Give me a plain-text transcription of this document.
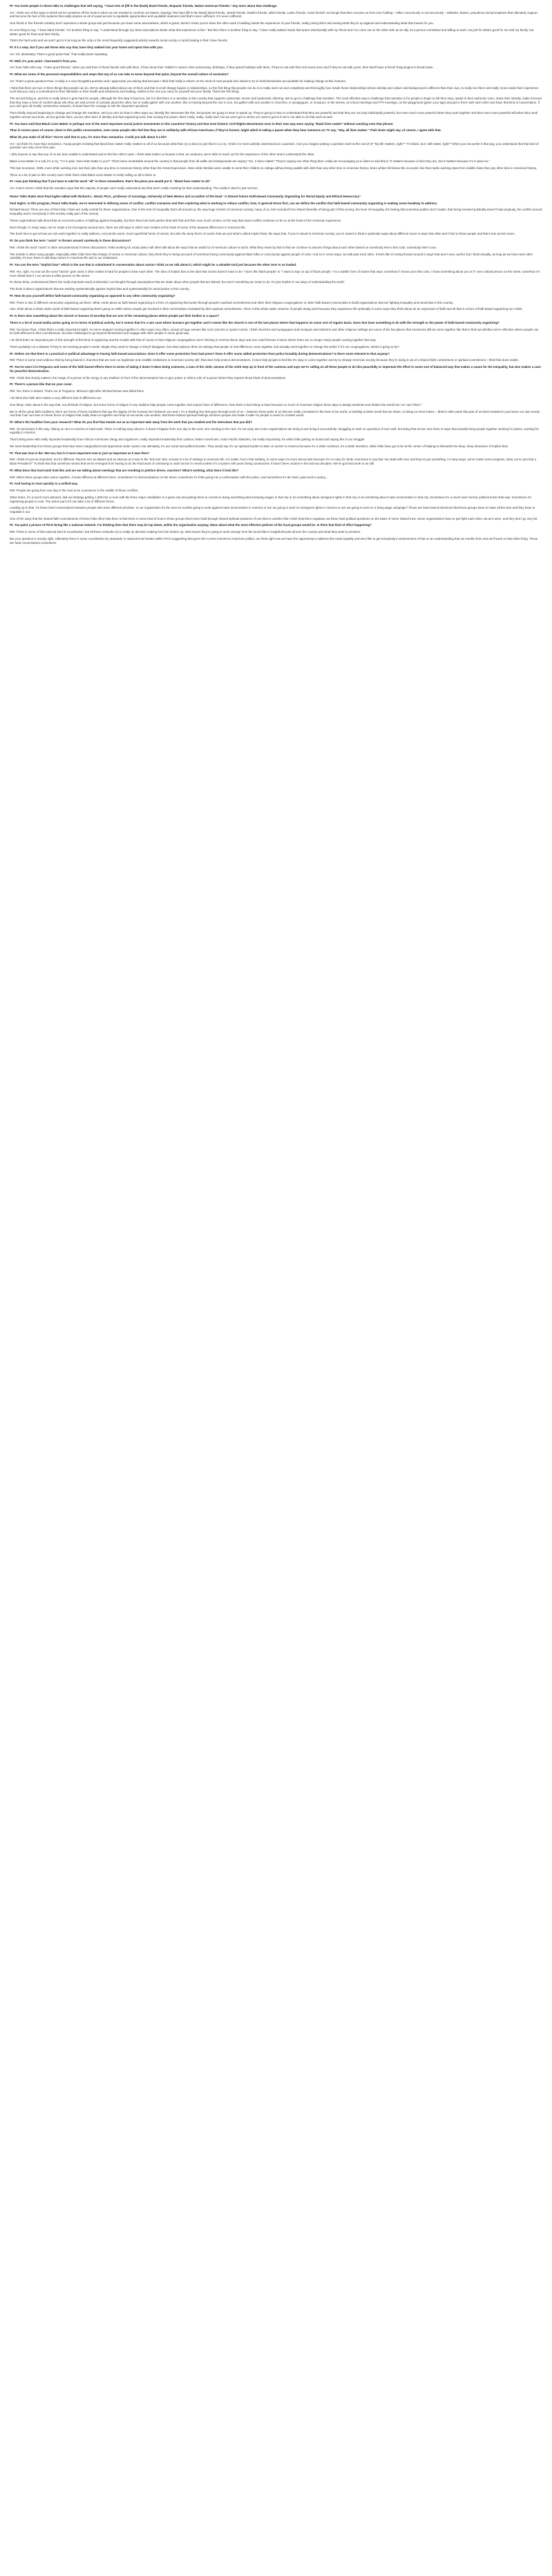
PI: You invite people in those talks to challenges that will saying, “I have lots of (fill in the blank) black friends, Hispanic friends, Native American friends.” Say more about that challenge.

AH: I think one of the ways in which we let ourselves off the hook is when we are needed to confront our biases; (saying) “We have [fill in the blank] black friends, Jewish friends, Muslim friends, white friends, Latino friends, Asian friends” as though that then excuses us from ever holding – either consciously or unconsciously – attitudes, biases, prejudices and perceptions that ultimately support and become the fuel of the systems that really deprive us all of equal access to equitable opportunities and equitable treatment and that’s never sufficient. It’s never sufficient.

One friend or five friends certainly don’t represent a whole group and just because you have some associations, which is great, doesn’t mean you’ve done the other work of walking inside the experience of your friends, really joining them and seeing what they’re up against and understanding what that means for you.

It’s one thing to say, “I have black friends.” It’s another thing to say, “I understand through my close associations better what that experience is like.” But then there is another thing to say, “I have really walked inside that space intentionally with my friend and I’ve come out on the other side as an ally, as a person committed and willing to work, not just for what’s good for me and my family, but what’s good for them and their family.

That’s the hard work and we won’t get to it as long as the only or the most frequently suggested activity towards racial comity or racial healing is that I have friends.

PI: It’s a step, but if you ask those who say that, have they walked into your home and spent time with you.

AH: Oh, absolutely! That’s a good point Paul. That really bears repeating.

PI: Well, it’s your point. I borrowed it from you.

AH: Even folks who say, “I have good friends,” when you ask them if those friends visit with them, if they know their children’s names, their anniversary, birthdays, if they spend holidays with them, if they’ve sat with their sick loved ones and if they’ve sat with yours, then that’ll have a friend” thing begins to break down.

PI: What are some of the personal responsibilities and steps that any of us can take to move beyond that point, beyond the overall culture of exclusion?

AH: That’s a great question Paul. It really is a very thoughtful question and I appreciate you asking that because I think that really is what’s on the mind of most people who intend to try to hold themselves accountable for making change at this moment.

I think that there are two or three things that people can do. We’ve already talked about one of them and that is at all change begins in relationships, so the first thing that people can do is to really seek out and completely and thoroughly love inside those relationships whose identity and culture and background is different than their own, to really see them and really move inside their experience such that you carry a commitment to their liberation or their health and wholeness and healing, similar to the one you carry for yourself and your family. That’s the first thing.

The second thing is, and this is really where it gets hard for people, although the first step is hard too, but it is that there is a narrative in this country that supports systematic racism and systematic othering. We’ve got to challenge that narrative. The most effective way to challenge that narrative is for people to begin to tell their story, speak in their authentic voice, share their identity, make it known that they have a level of comfort about who they are and a level of curiosity about the other, but to really gather with one another, this is moving beyond the one to one, but gather with one another in churches, in synagogues, in mosques, in the streets, at school meetings and PTA meetings, on the playground (given your age) and get in there with each other and have that kind of conversation. If you can’t give all mostly constructive answers, at least have the courage to ask the important questions.

Then thirdly, beyond beginning to change and change the narrative, and you can’t do that in other ways too, literally like interviews like this, but people are going to have to speak up. They’re going to have to understand that they are powerful and that they are not only individually powerful, but even much more powerful when they work together and then even more powerful still when they work together across race lines, across gender lines, across other lines of identity and that organizing work, that coming into power, that’s really, really, really hard, but we won’t get to where we need to get to if we’re not able to do that work as well.

PI: You have said that Black Lives Matter is perhaps one of the most important social justice movements in this countries’ history and that even historic Civil Rights Movements even in their own way were saying “black lives matter” without catching onto that phrase.

Then in recent years of course, there is this public conversation, even some people who feel that they are in solidarity with African Americans, if they’re honest, might admit to taking a pause when they hear someone on TV say, “Hey, all lives matter.” Their brain might say, of course, I agree with that.

What do you make of all this? You’ve said that to you, it’s more than semantics. Could you talk about it a bit?

AH: I do think it’s more than semantics. Young people insisting that black lives matter really matters to all of us because what that cry is about is just that it is a cry. I think it is most usefully understood as a question. Can you imagine putting a question mark at the end of it? “My life matters, right?” “I’m black, but I still matter, right?” When you encounter it that way, you understand that that kind of question can only come from pain.

I defy anyone to say that any of us are born unable to understand and to feel the other’s pain. I think what makes us human is that, as creatures, we’re able to reach out for the experience of the other and to understand the other.

Black Lives Matter is a call, it’s a cry; “I’m in pain. Does that matter to you?” That’s been remarkable around the country is that people from all walks and backgrounds are saying “Yes, it does matter!” They’re saying one other thing that I really am encouraging us to listen to and that is “it matters because of who they are, but it matters because I’m in pain too.”

This last recession, 2008, more white working men lost their jobs than any time in American history other than the Great Depression. More white families were unable to send their children to college without being saddle with debt than any other time in American history. More whites fell below the economic line that marks working class from middle class than any other time in American history.

There is a lot of pain in this country and I think that’s what Black Lives Matter is really calling us all to listen to.

PI: I was just thinking that if you have to add the word “all” in there somewhere, that’s the piece you would put it; “Black lives matter to all.”

AH: Amen! Amen! I think that the narrative says that the majority of people can’t really understand and that aren’t really reaching for that understanding. The reality is that it’s just not true.

Peace Talks Radio Host Paul Ingles talked with Richard L. Wood, Ph.D., professor of sociology, University of New Mexico and co-author of the book “A Shared Future Faith-based Community Organizing for Racial Equity and Ethical Democracy”

Paul Ingles: In this program, Peace Talks Radio, we’re interested in defining zones of conflict, conflict scenarios and then exploring what is working to reduce conflict, how, in general terms first, can we define the conflict that faith-based community organizing is making some headway to address.

Richard Wood: There are two of them that I think are really central for these organizations. One is the level of inequality that’s all around us; the way huge chunks of American society, many of us, feel excluded from shared benefits of being part of this society, the level of inequality, the feeling that somehow politics don’t matter, that being involved politically doesn’t help anybody, the conflict around inequality and is everybody in this society really part of the society.

These organizations talk about that as economic justice or fighting against inequality, but then they look both parties deal with that and then very much centers on the way that racial conflict continues to be so at the heart of the American experience.

Even though, in many ways, we’ve made a lot of progress around race, there are still ways in which race resides at the heart of some of the deepest differences in American life.

The book tries to get at how we can work together to really address, not just the worst, most superficial forms of racism, but also the deep forms of racism that are just what’s called implicit bias; the ways that, if you’re raised in American society, you’re raised to think in particular ways about different races in ways that often aren’t fair to those people and that’s true across races.

PI: Do you think the term “racist” is thrown around carelessly in these discussions?

RW: I think the word “racist” is often misunderstood in these discussions. Folks working for racial justice will often talk about the ways that an awful lot of American culture is racist. What they mean by that is that we continue to assume things about each other based on somebody else’s skin color, somebody else’s race.

The trouble is when many people, especially white folks hear that charge of racism in American culture, they think they’re being accused of somehow being consciously against black folks or consciously against people of color. And so in some ways, we talk past each other. It feels like it’s being thrown around in ways that aren’t very careful, but I think actually, as long as we hear each other carefully, it’s true; there is still deep racism in American life and in our institutions.

PI: You use the term “implicit bias” which is the one that is substituted in conversation about racism I think as we talk about it, which might be a valuable tool just because the other term is so loaded.

RW: Yes, right. As soon as the word “racism” gets used, it often makes it hard for people to hear each other. The idea of implicit bias is the idea that racism doesn’t have to be “I don’t like black people” or “I want to stay on top of black people.” It’s a subtler form of racism that says; somehow if I know your skin color, I know something about you or if I see a black person on the street, somehow I’m more afraid than if I run across a white person on the street.

It’s these deep, unintentional (that’s the really important word) unintended, not thought through assumptions that we make about other people that are biased, but aren’t something we mean to do. It’s just implicit in our ways of understanding the world.

The book is about organizations that are working systematically against implicit bias and systematically for racial justice in this country.

PI: How do you yourself define faith-based community organizing as opposed to any other community organizing?

RW: There is lots of different community organizing out there. What I write about as faith-based organizing is a form of organizing that works through people’s spiritual commitments and often their religious congregations or other faith-based communities to build organizations that are fighting inequality and racial bias in this country.

Also, think about a whole wider world of faith-based organizing that’s going on within where people get involved in their communities motivated by their spiritual commitments. There is this whole wider universe of people doing work because they experience life spiritually in some ways they think about as an expression of faith and all that is a form of faith-based organizing too I think.

PI: Is there also something about the church or houses of worship that are one of the remaining places where people put their bodies in a space?

There is a lot of social media action going on in terms of political activity, but it seems that it’s a rare case where humans get together and it seems like the church is one of the last places where that happens on some sort of regular basis. Does that have something to do with the strength or the power of faith-based community organizing?

RW: You know Paul, I think that’s a really important insight. As we’ve stopped coming together in other ways very often, except at huge venues like rock concerts or sports events, I think churches and synagogues and mosques and ashrams and other religious settings are some of the few places that Americans still do come together like that to find out whether we’re reflective where people can be both affirmed in their commitments, but also challenged to go beyond themselves and engage with other people in some good way.

I do think that’s an important part of this strength of this kind of organizing and the trouble with that of course is that religious congregations aren’t thriving in America these days and one could foresee a future where there are no longer many people coming together that way.

That’s probably not a disaster if they’re not meeting people’s needs. Maybe they need to change or they’ll disappear, but what replaces them as settings that people of real difference come together and actually work together to change the world. If it’s not congregations, what’s it going to be?

PI: Strikes me that there is a practical or political advantage to having faith-based associations. Does it offer some protection from bad press? Does it offer some added protection from police brutality during demonstrations? Is there some element to that anyway?

RW: There is some real evidence that by being based in churches that are seen as legitimate and credible institutions in American society still, that does help protect demonstrators. It does help people to feel like it’s okay to come together and try to change American society because they’re doing it out of a shared faith commitment or spiritual commitment. I think that does matter.

PI: You’ve seen it in Ferguson and some of the faith-based efforts there in terms of taking it down it takes being someone, a man of the cloth, woman of the cloth step up in front of the cameras and says we’re calling on all these people to do this peacefully or important the effort in some sort of balanced way that makes a cause for the inequality, but also makes a case for peaceful demonstration.

RW: I think that clearly matters; the image of a person of the clergy in any tradition in front of the demonstration has to give police or others a bit of a pause before they repress those kinds of demonstrations.

PI: There’s a picture like that on your cover.

RW: Yes, there is indeed. That’s out of Ferguson, Missouri right after Michael Brown was killed there.

I do think also faith also makes a very different kind of difference too.

One thing I write about is the way that, not all kinds of religion, but some forms of religion in any tradition help people come together and respect lines of difference. Now that’s a hard thing to have because so much of American religion these days is deeply intolerant and divides the world into “us” and “them.”

But in all the great faith traditions, there are forms of those traditions that say the dignity (of the human) isn’t between you and I, it’s a dividing line that goes through each of us – between those parts of us that are really committed to the best in the world, to building a better world that we share, to being our best selves – (that’s) other parts that part of us that’s tempted to just serve our own needs. And that if we can lean on those forms of religion that really draw us together and help us encounter one another, that those shared spiritual feelings reinforce people and make it safer for people to work for a better world.

PI: What’s the headline from your research? What do you find that stands out as an important take away from the work that you studied and the interviews that you did?

RW: I’d summarize it this way. Taking on race in America is hard work. There is nothing easy about it. It doesn’t happen from one day to the next; one meeting to the next, it’s not easy. But some organizations are doing it and doing it successfully; struggling to work on questions of race well, but doing that across race lines in ways that actually bring people together working for justice, working for equality in America.

That’s being done with really important leadership from African-Americans clergy and organizers, really important leadership from Latinos, Native Americans, Asian Pacific Islanders, but really importantly, it’s white folks getting on board and saying this is our struggle.

We need leadership from those groups that have been marginalized and oppressed under racism, but ultimately, it’s our moral and political burden. They would say it’s our spiritual burden to take on racism in America because it’s a white construct, it’s a white invention, white folks have got to be at the center of helping to dismantle the deep, deep structures of implicit bias.

PI: That was true in the ‘60s too, but is it more important now or just as important as it was then?

RW: I think it’s just as important, but it’s different. Racism isn’t as blatant and as obvious as it was in the ’50s and ’60s, at least in a lot of settings in American life. It’s subtle, but in that subtlety, in some ways it’s more democratic because it’s so easy for white Americans to say that “we dealt with race and they’ve got something. In many ways, we’ve made some progress, what, we’ve just had a black President?” To think that that somehow means that we’ve emerged from having to do the hard work of continuing to undo racism in America when it’s a system 400 years being constructed. It hasn’t been undone in the last two decades. We’ve got hard work to do still.

PI: What does that hard work look like and are we talking about meetings that are resulting in petition drives, marches? What’s working, what does it look like?

RW: When these groups take action together, it looks different at different times. Sometimes it’s demonstrations on the street, sometimes it’s folks going into a confrontation with the police, and sometimes it’s the hard, quiet work in policy...

PI: And having to react quickly in a unified way.

RW: People are going from one day to the next to be a presence in the middle of those conflicts.

Other times, it’s a much more planned, laid out strategy getting 1,000 into a room with the three major candidates in a given city and getting them to commit to doing something about keeping wages in that city or do something about immigrant rights in that city or do something about mass incarceration in that city. Sometimes it’s a much more formal, political action that way. Sometimes it’s registering people to vote. The action part of it can take a lot of different forms.

Leading up to that, it’s these hard conversations between people who have different priorities. Is our organization for the next six months going to work against mass incarceration in America or are we going to work on immigrant rights in America or are we going to work on a living wage campaign? Those are hard tactical decisions that these groups have to make all the time and they have to negotiate it out.

One of the ways that the shared faith commitments of these folks often help them is that there is some kind of trust in those groups that’s been built through shared spiritual practices of one kind or another that I think help them negotiate out these hard political questions on the basis of some shared trust. Some organizations have to just fight each other out as it were, and they don’t go very far.

PI: You paint a picture of PICO being like a national network. I’m thinking then that there may be top down, within the organization anyway, ideas about what the most effective policies of the local groups would be. Is there that kind of effort happening?

RW: There is some of that national kind of coordination, but all these networks try to really do decision making from the bottom up; what issues they’re going to work emerge from the local folks in neighborhoods all over the country and what they want to prioritize.

But your question is exactly right. Ultimately there is some coordination by statewide or national level bodies within PICO suggesting that given the current moment in American politics, we think right now we have the opportunity to address this racial equality and we’d like to get everybody’s endorsement of that on an understanding that six months from now we’ll work on that other thing. Those are hard conversations sometimes.
